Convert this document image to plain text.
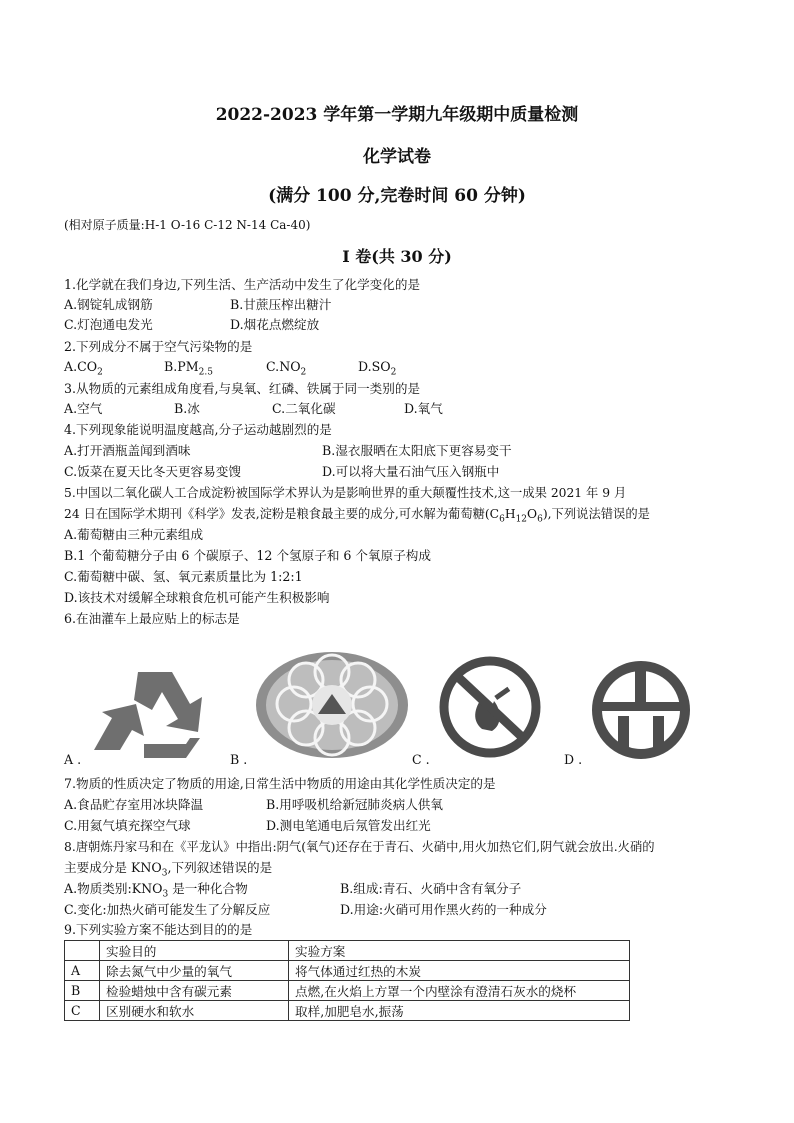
2022-2023 学年第一学期九年级期中质量检测
化学试卷
(满分 100 分,完卷时间 60 分钟)
(相对原子质量:H-1 O-16 C-12 N-14 Ca-40)
I 卷(共 30 分)
1.化学就在我们身边,下列生活、生产活动中发生了化学变化的是
A.钢锭轧成钢筋	B.甘蔗压榨出糖汁
C.灯泡通电发光	D.烟花点燃绽放
2.下列成分不属于空气污染物的是
$A.CO_2$	$B.PM_{2.5}$	$C.NO_2$	$D.SO_2$
3.从物质的元素组成角度看,与臭氧、红磷、铁属于同一类别的是
A.空气	B.冰	C.二氧化碳	D.氧气
4.下列现象能说明温度越高,分子运动越剧烈的是
A.打开酒瓶盖闻到酒味	B.湿衣服晒在太阳底下更容易变干
C.饭菜在夏天比冬天更容易变馊	D.可以将大量石油气压入钢瓶中
5.中国以二氧化碳人工合成淀粉被国际学术界认为是影响世界的重大颠覆性技术,这一成果 2021 年 9 月
24 日在国际学术期刊《科学》发表,淀粉是粮食最主要的成分,可水解为葡萄糖$(C_6H_{12}O_6)$,下列说法错误的是
A.葡萄糖由三种元素组成
B.1 个葡萄糖分子由 6 个碳原子、12 个氢原子和 6 个氧原子构成
C.葡萄糖中碳、氢、氧元素质量比为 1:2:1
D.该技术对缓解全球粮食危机可能产生积极影响
6.在油灌车上最应贴上的标志是
A .	B .	C .	D .
7.物质的性质决定了物质的用途,日常生活中物质的用途由其化学性质决定的是
A.食品贮存室用冰块降温	B.用呼吸机给新冠肺炎病人供氧
C.用氦气填充探空气球	D.测电笔通电后氖管发出红光
8.唐朝炼丹家马和在《平龙认》中指出:阴气(氧气)还存在于青石、火硝中,用火加热它们,阴气就会放出.火硝的
主要成分是 $KNO_3$,下列叙述错误的是
A.物质类别$:KNO_3$ 是一种化合物	B.组成:青石、火硝中含有氧分子
C.变化:加热火硝可能发生了分解反应	D.用途:火硝可用作黑火药的一种成分
9.下列实验方案不能达到目的的是
	实验目的	实验方案
A	除去氮气中少量的氧气	将气体通过红热的木炭
B	检验蜡烛中含有碳元素	点燃,在火焰上方罩一个内壁涂有澄清石灰水的烧杯
C	区别硬水和软水	取样,加肥皂水,振荡
